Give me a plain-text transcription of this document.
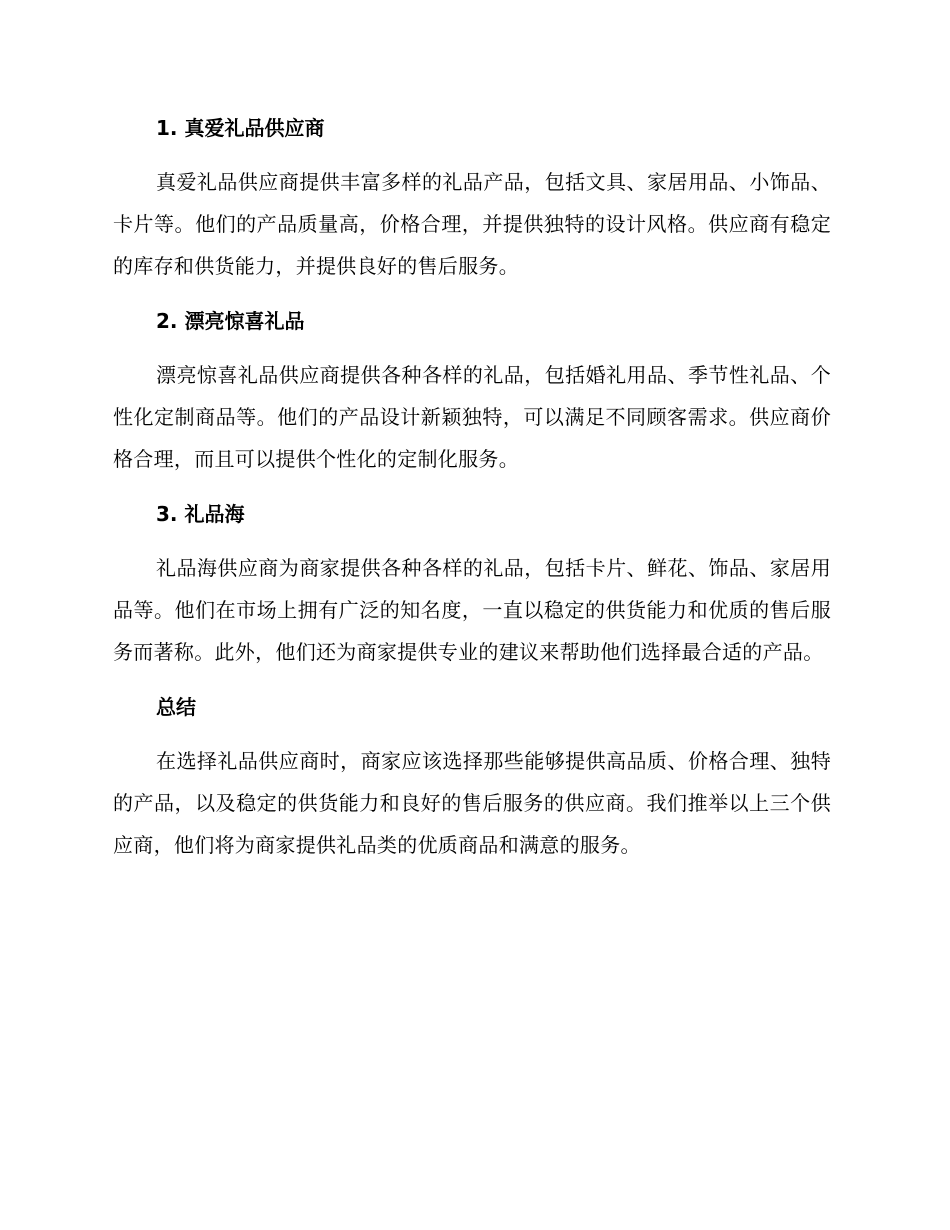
1. 真爱礼品供应商

真爱礼品供应商提供丰富多样的礼品产品，包括文具、家居用品、小饰品、卡片等。他们的产品质量高，价格合理，并提供独特的设计风格。供应商有稳定的库存和供货能力，并提供良好的售后服务。

2. 漂亮惊喜礼品

漂亮惊喜礼品供应商提供各种各样的礼品，包括婚礼用品、季节性礼品、个性化定制商品等。他们的产品设计新颖独特，可以满足不同顾客需求。供应商价格合理，而且可以提供个性化的定制化服务。

3. 礼品海

礼品海供应商为商家提供各种各样的礼品，包括卡片、鲜花、饰品、家居用品等。他们在市场上拥有广泛的知名度，一直以稳定的供货能力和优质的售后服务而著称。此外，他们还为商家提供专业的建议来帮助他们选择最合适的产品。

总结

在选择礼品供应商时，商家应该选择那些能够提供高品质、价格合理、独特的产品，以及稳定的供货能力和良好的售后服务的供应商。我们推举以上三个供应商，他们将为商家提供礼品类的优质商品和满意的服务。
